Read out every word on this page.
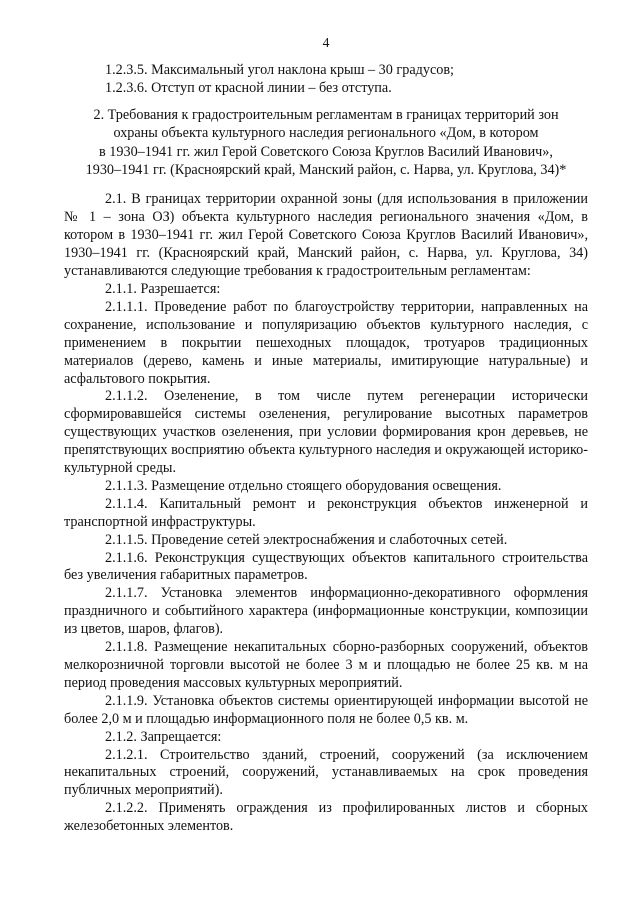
4

1.2.3.5. Максимальный угол наклона крыш – 30 градусов;

1.2.3.6. Отступ от красной линии – без отступа.

2. Требования к градостроительным регламентам в границах территорий зон
охраны объекта культурного наследия регионального «Дом, в котором
в 1930–1941 гг. жил Герой Советского Союза Круглов Василий Иванович»,
1930–1941 гг. (Красноярский край, Манский район, с. Нарва, ул. Круглова, 34)*

2.1. В границах территории охранной зоны (для использования в приложении № 1 – зона ОЗ) объекта культурного наследия регионального значения «Дом, в котором в 1930–1941 гг. жил Герой Советского Союза Круглов Василий Иванович», 1930–1941 гг. (Красноярский край, Манский район, с. Нарва, ул. Круглова, 34) устанавливаются следующие требования к градостроительным регламентам:

2.1.1. Разрешается:

2.1.1.1. Проведение работ по благоустройству территории, направленных на сохранение, использование и популяризацию объектов культурного наследия, с применением в покрытии пешеходных площадок, тротуаров традиционных материалов (дерево, камень и иные материалы, имитирующие натуральные) и асфальтового покрытия.

2.1.1.2. Озеленение, в том числе путем регенерации исторически сформировавшейся системы озеленения, регулирование высотных параметров существующих участков озеленения, при условии формирования крон деревьев, не препятствующих восприятию объекта культурного наследия и окружающей историко-культурной среды.

2.1.1.3. Размещение отдельно стоящего оборудования освещения.

2.1.1.4. Капитальный ремонт и реконструкция объектов инженерной и транспортной инфраструктуры.

2.1.1.5. Проведение сетей электроснабжения и слаботочных сетей.

2.1.1.6. Реконструкция существующих объектов капитального строительства без увеличения габаритных параметров.

2.1.1.7. Установка элементов информационно-декоративного оформления праздничного и событийного характера (информационные конструкции, композиции из цветов, шаров, флагов).

2.1.1.8. Размещение некапитальных сборно-разборных сооружений, объектов мелкорозничной торговли высотой не более 3 м и площадью не более 25 кв. м на период проведения массовых культурных мероприятий.

2.1.1.9. Установка объектов системы ориентирующей информации высотой не более 2,0 м и площадью информационного поля не более 0,5 кв. м.

2.1.2. Запрещается:

2.1.2.1. Строительство зданий, строений, сооружений (за исключением некапитальных строений, сооружений, устанавливаемых на срок проведения публичных мероприятий).

2.1.2.2. Применять ограждения из профилированных листов и сборных железобетонных элементов.
